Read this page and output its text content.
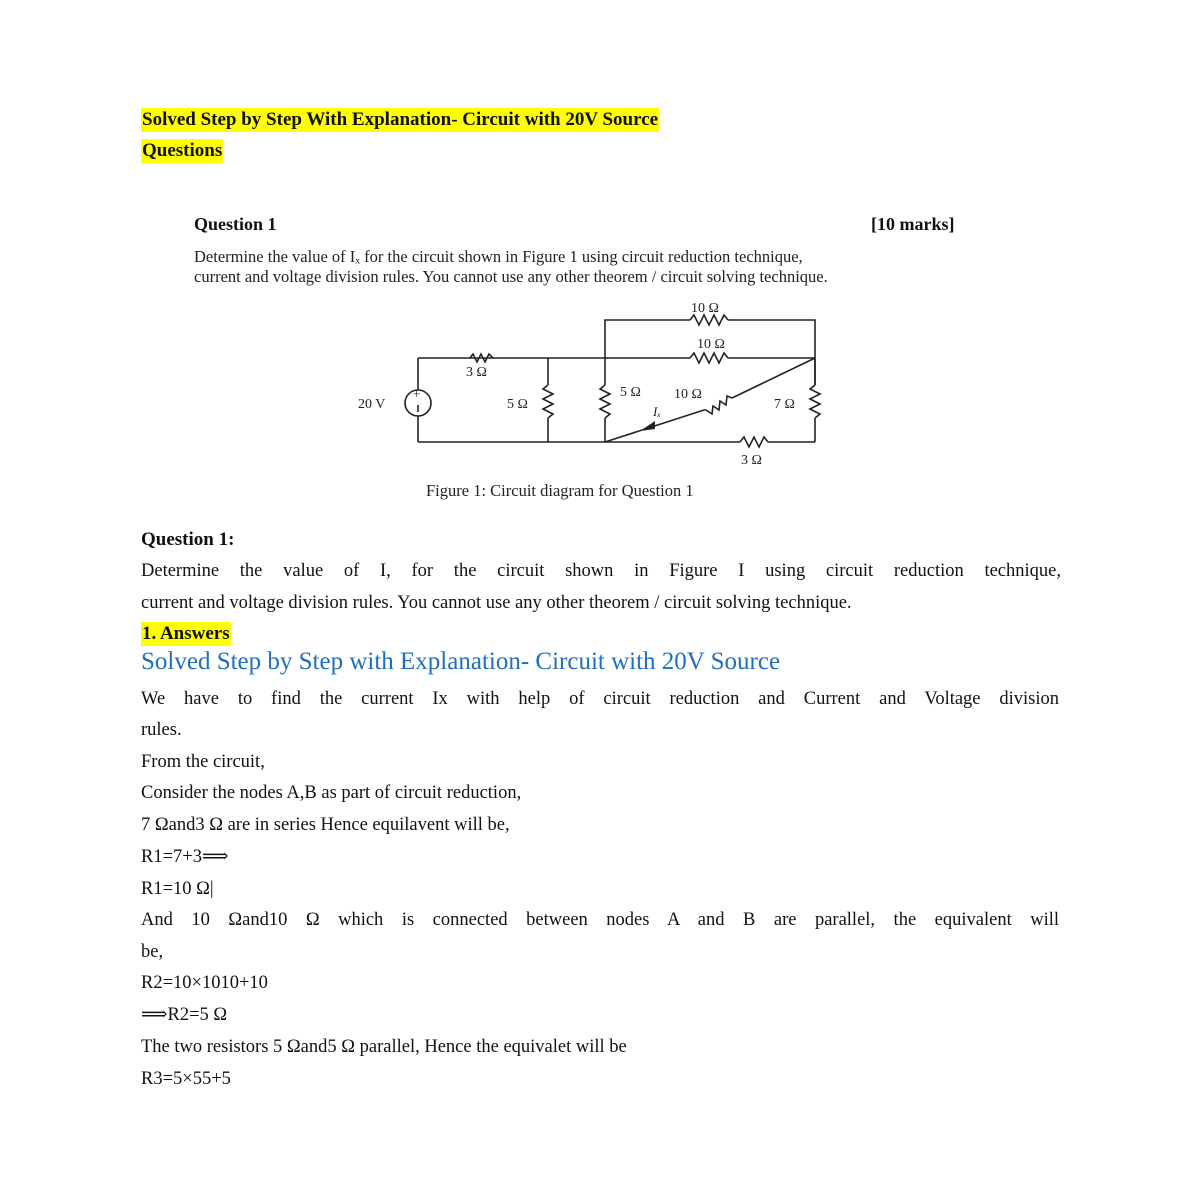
Solved Step by Step With Explanation- Circuit with 20V Source
Questions
Question 1	[10 marks]
Determine the value of Iₓ for the circuit shown in Figure 1 using circuit reduction technique,
current and voltage division rules. You cannot use any other theorem / circuit solving technique.
+
10 Ω
10 Ω
3 Ω
20 V	5 Ω
5 Ω 10 Ω
Iₓ	7 Ω
3 Ω
Figure 1: Circuit diagram for Question 1
Question 1:
Determine the value of I, for the circuit shown in Figure I using circuit reduction technique,
current and voltage division rules. You cannot use any other theorem / circuit solving technique.
1. Answers
Solved Step by Step with Explanation- Circuit with 20V Source
We have to find the current Ix with help of circuit reduction and Current and Voltage division
rules.
From the circuit,
Consider the nodes A,B as part of circuit reduction,
7 Ωand3 Ω are in series Hence equilavent will be,
R1=7+3⟹
R1=10 Ω|
And 10 Ωand10 Ω which is connected between nodes A and B are parallel, the equivalent will
be,
R2=10×1010+10
⟹R2=5 Ω
The two resistors 5 Ωand5 Ω parallel, Hence the equivalet will be
R3=5×55+5
